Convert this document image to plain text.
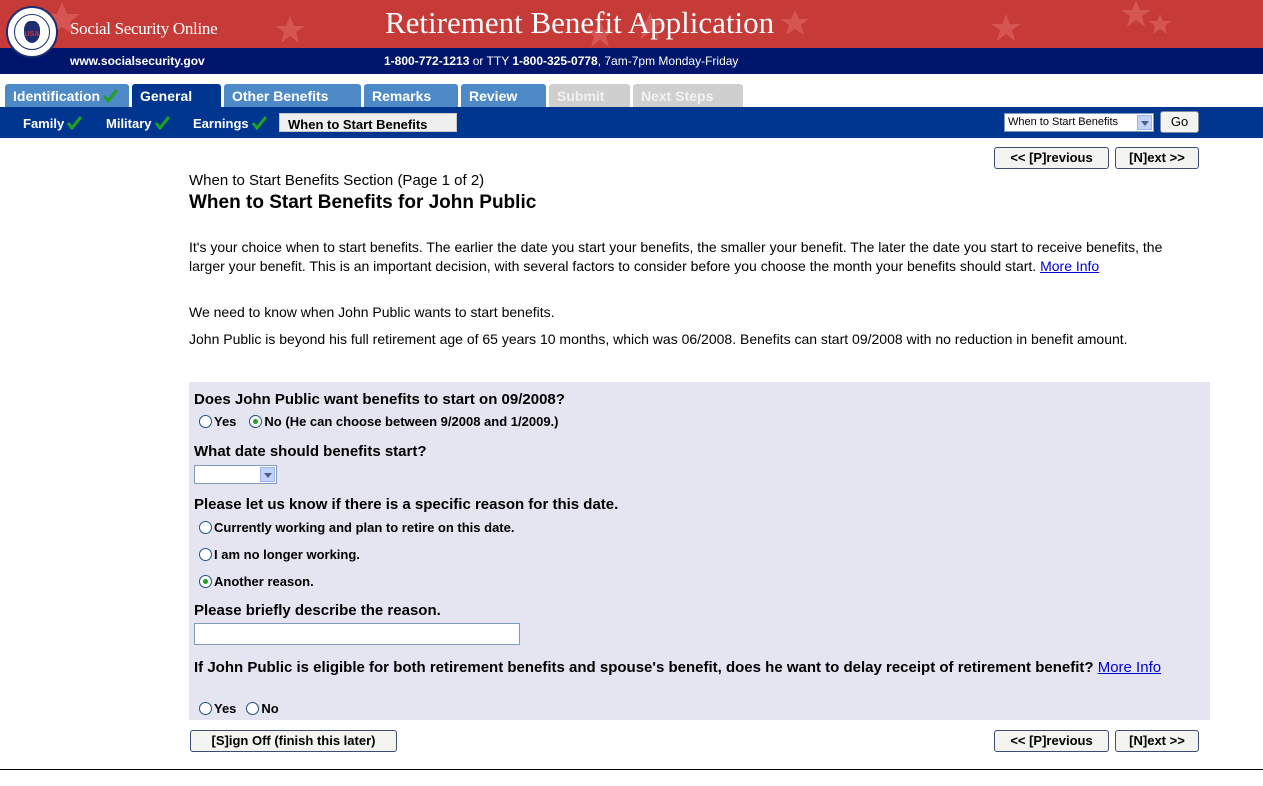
Social Security Online	Retirement Benefit Application
www.socialsecurity.gov	1-800-772-1213 or TTY 1-800-325-0778, 7am-7pm Monday-Friday
USA
Identification	General	Other Benefits	Remarks	Review	Submit	Next Steps
Family	Military	Earnings	When to Start Benefits	When to Start Benefits	Go
<< [P]revious	[N]ext >>
When to Start Benefits Section (Page 1 of 2)
When to Start Benefits for John Public

It's your choice when to start benefits. The earlier the date you start your benefits, the smaller your benefit. The later the date you start to receive benefits, the larger your benefit. This is an important decision, with several factors to consider before you choose the month your benefits should start. More Info

We need to know when John Public wants to start benefits.

John Public is beyond his full retirement age of 65 years 10 months, which was 06/2008. Benefits can start 09/2008 with no reduction in benefit amount.

Does John Public want benefits to start on 09/2008?

Yes No (He can choose between 9/2008 and 1/2009.)

What date should benefits start?

Please let us know if there is a specific reason for this date.

Currently working and plan to retire on this date.
I am no longer working.
Another reason.

Please briefly describe the reason.

If John Public is eligible for both retirement benefits and spouse's benefit, does he want to delay receipt of retirement benefit? More Info

Yes No
[S]ign Off (finish this later)	<< [P]revious	[N]ext >>
